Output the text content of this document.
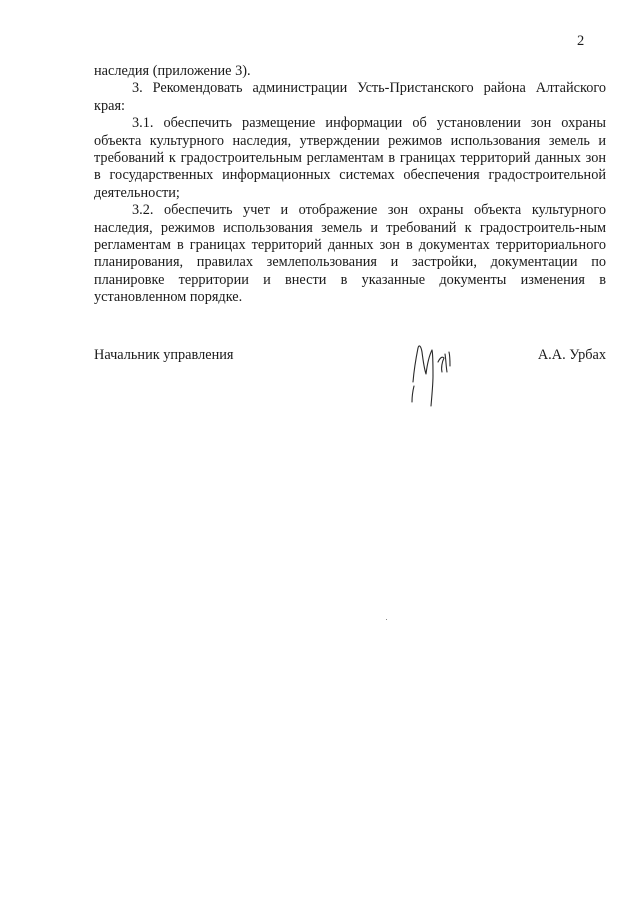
2

наследия (приложение 3).

3. Рекомендовать администрации Усть-Пристанского района Алтайского края:

3.1. обеспечить размещение информации об установлении зон охраны объекта культурного наследия, утверждении режимов использования земель и требований к градостроительным регламентам в границах территорий данных зон в государственных информационных системах обеспечения градостроительной деятельности;

3.2. обеспечить учет и отображение зон охраны объекта культурного наследия, режимов использования земель и требований к градостроитель-ным регламентам в границах территорий данных зон в документах территориального планирования, правилах землепользования и застройки, документации по планировке территории и внести в указанные документы изменения в установленном порядке.

Начальник управления	А.А. Урбах
